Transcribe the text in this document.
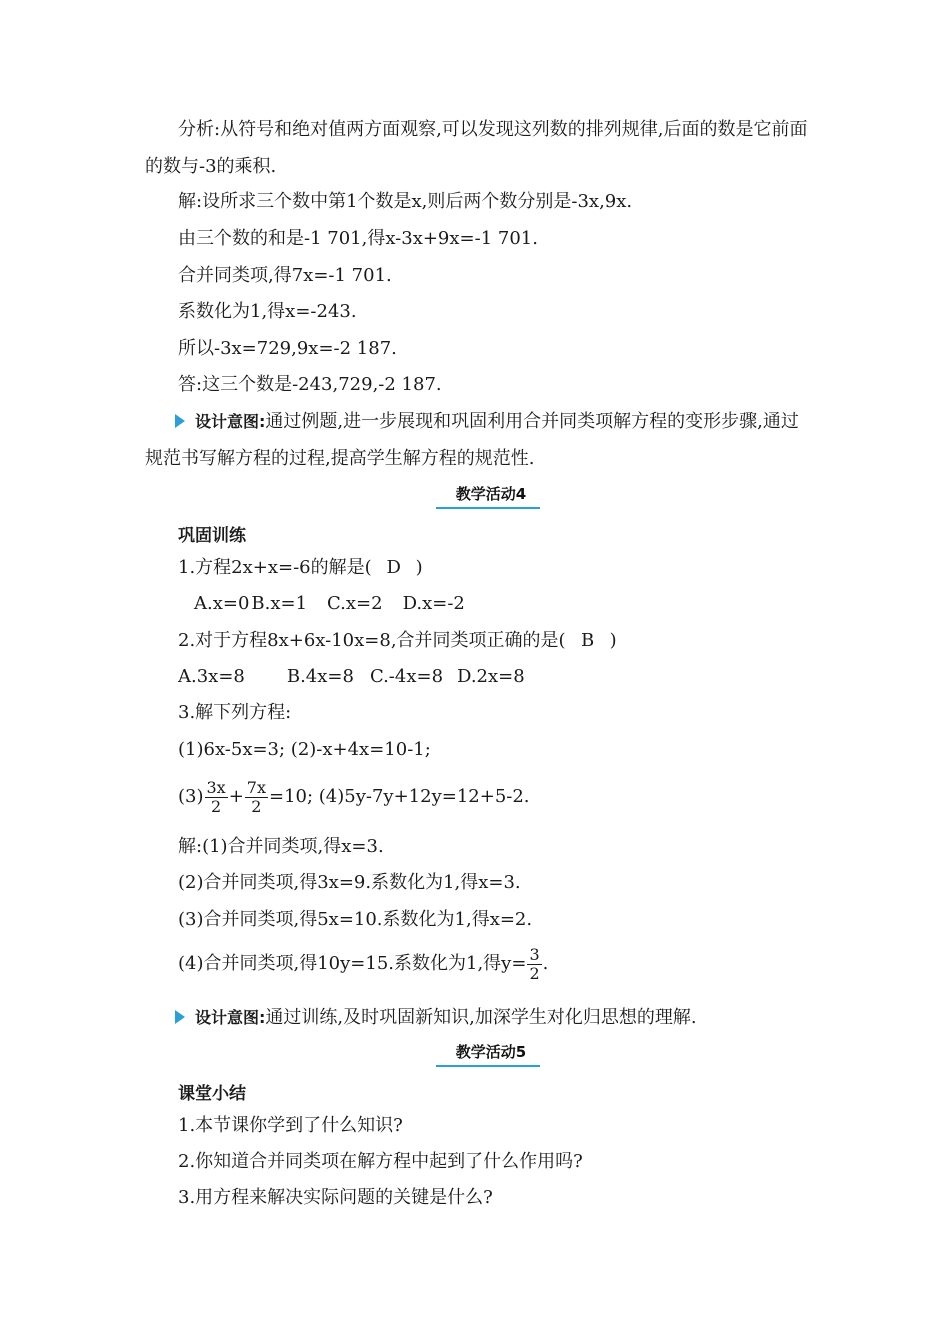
分析:从符号和绝对值两方面观察,可以发现这列数的排列规律,后面的数是它前面的数与-3的乘积.
解:设所求三个数中第1个数是x,则后两个数分别是-3x,9x.
由三个数的和是-1 701,得x-3x+9x=-1 701.
合并同类项,得7x=-1 701.
系数化为1,得x=-243.
所以-3x=729,9x=-2 187.
答:这三个数是-243,729,-2 187.
设计意图:通过例题,进一步展现和巩固利用合并同类项解方程的变形步骤,通过规范书写解方程的过程,提高学生解方程的规范性.
教学活动4
巩固训练
1.方程2x+x=-6的解是( D )
A.x=0 B.x=1 C.x=2 D.x=-2
2.对于方程8x+6x-10x=8,合并同类项正确的是( B )
A.3x=8 B.4x=8 C.-4x=8 D.2x=8
3.解下列方程:
(1)6x-5x=3; (2)-x+4x=10-1;
$(3) \frac{3x}{2} + \frac{7x}{2} =10$; (4)5y-7y+12y=12+5-2.
解:(1)合并同类项,得x=3.
(2)合并同类项,得3x=9.系数化为1,得x=3.
(3)合并同类项,得5x=10.系数化为1,得x=2.
(4)合并同类项,得10y=15.系数化为1,得$y= \frac{3}{2}$ .
设计意图:通过训练,及时巩固新知识,加深学生对化归思想的理解.
教学活动5
课堂小结
1.本节课你学到了什么知识?
2.你知道合并同类项在解方程中起到了什么作用吗?
3.用方程来解决实际问题的关键是什么?
